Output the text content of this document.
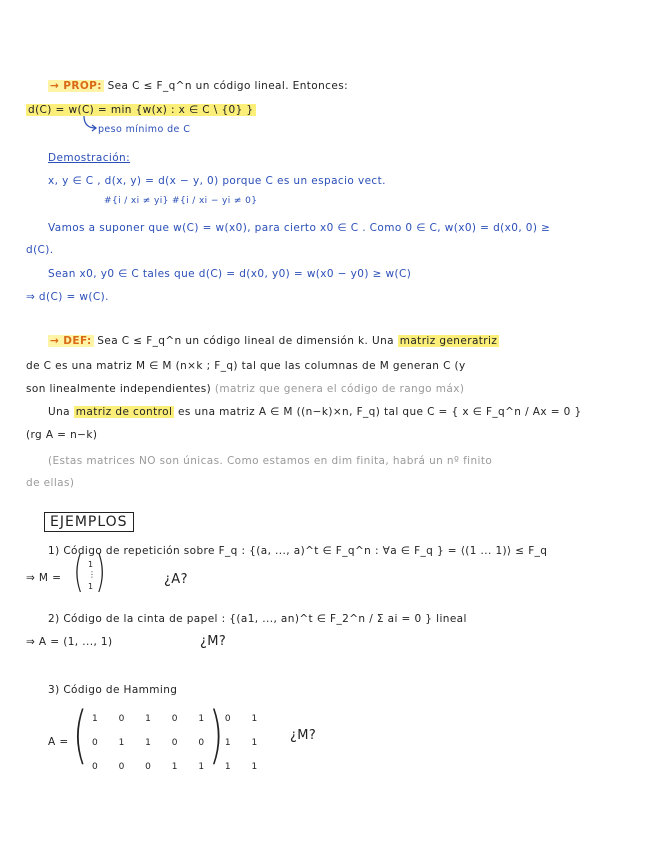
→ PROP: Sea C ≤ F_q^n un código lineal. Entonces:
d(C) = w(C) = min {w(x) : x ∈ C \ {0} }
peso mínimo de C
Demostración:
x, y ∈ C , d(x, y) = d(x − y, 0) porque C es un espacio vect.
#{i / xi ≠ yi} #{i / xi − yi ≠ 0}
Vamos a suponer que w(C) = w(x0), para cierto x0 ∈ C . Como 0 ∈ C, w(x0) = d(x0, 0) ≥
d(C).
Sean x0, y0 ∈ C tales que d(C) = d(x0, y0) = w(x0 − y0) ≥ w(C)
⇒ d(C) = w(C).
→ DEF: Sea C ≤ F_q^n un código lineal de dimensión k. Una matriz generatriz
de C es una matriz M ∈ M (n×k ; F_q) tal que las columnas de M generan C (y
son linealmente independientes) (matriz que genera el código de rango máx)
Una matriz de control es una matriz A ∈ M ((n−k)×n, F_q) tal que C = { x ∈ F_q^n / Ax = 0 }
(rg A = n−k)
(Estas matrices NO son únicas. Como estamos en dim finita, habrá un nº finito
de ellas)
EJEMPLOS
1) Código de repetición sobre F_q : {(a, ..., a)^t ∈ F_q^n : ∀a ∈ F_q } = ⟨(1 ... 1)⟩ ≤ F_q
⇒ M = ( 1
⋮
1 )	¿A?
2) Código de la cinta de papel : {(a1, ..., an)^t ∈ F_2^n / Σ ai = 0 } lineal
⇒ A = (1, ..., 1)	¿M?
3) Código de Hamming
A = ( 1 0 1 0 1 0 1
0 1 1 0 0 1 1
0 0 0 1 1 1 1
)	¿M?
